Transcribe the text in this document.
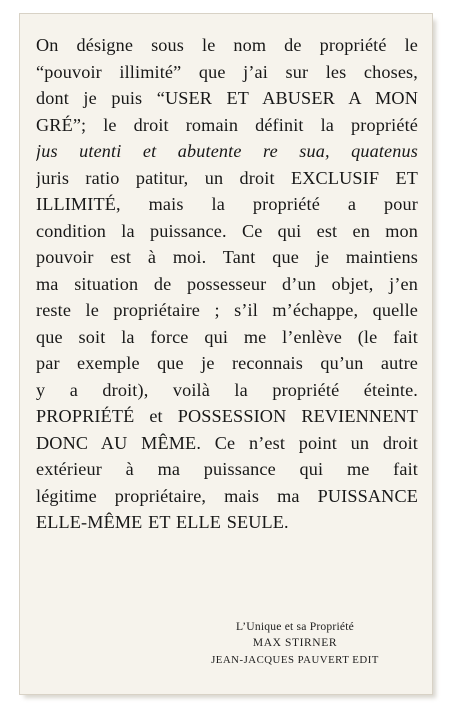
On désigne sous le nom de propriété le
“pouvoir illimité” que j’ai sur les choses,
dont je puis “USER ET ABUSER A MON
GRÉ”; le droit romain définit la propriété
jus utenti et abutente re sua, quatenus
juris ratio patitur, un droit EXCLUSIF ET
ILLIMITÉ, mais la propriété a pour
condition la puissance. Ce qui est en mon
pouvoir est à moi. Tant que je maintiens
ma situation de possesseur d’un objet, j’en
reste le propriétaire ; s’il m’échappe, quelle
que soit la force qui me l’enlève (le fait
par exemple que je reconnais qu’un autre
y a droit), voilà la propriété éteinte.
PROPRIÉTÉ et POSSESSION REVIENNENT
DONC AU MÊME. Ce n’est point un droit
extérieur à ma puissance qui me fait
légitime propriétaire, mais ma PUISSANCE
ELLE-MÊME ET ELLE SEULE.
L’Unique et sa Propriété
MAX STIRNER
JEAN-JACQUES PAUVERT EDIT
